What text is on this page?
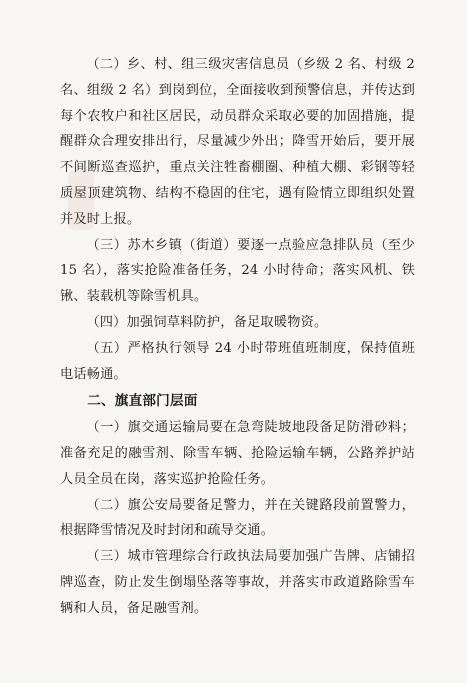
（二）乡、村、组三级灾害信息员（乡级 2 名、村级 2 名、组级 2 名）到岗到位，全面接收到预警信息，并传达到每个农牧户和社区居民，动员群众采取必要的加固措施，提醒群众合理安排出行，尽量减少外出；降雪开始后，要开展不间断巡查巡护，重点关注牲畜棚圈、种植大棚、彩钢等轻质屋顶建筑物、结构不稳固的住宅，遇有险情立即组织处置并及时上报。

（三）苏木乡镇（街道）要逐一点验应急排队员（至少 15 名），落实抢险准备任务，24 小时待命；落实风机、铁锹、装载机等除雪机具。

（四）加强饲草料防护，备足取暖物资。

（五）严格执行领导 24 小时带班值班制度，保持值班电话畅通。

二、旗直部门层面

（一）旗交通运输局要在急弯陡坡地段备足防滑砂料；准备充足的融雪剂、除雪车辆、抢险运输车辆，公路养护站人员全员在岗，落实巡护抢险任务。

（二）旗公安局要备足警力，并在关键路段前置警力，根据降雪情况及时封闭和疏导交通。

（三）城市管理综合行政执法局要加强广告牌、店铺招牌巡查，防止发生倒塌坠落等事故，并落实市政道路除雪车辆和人员，备足融雪剂。
